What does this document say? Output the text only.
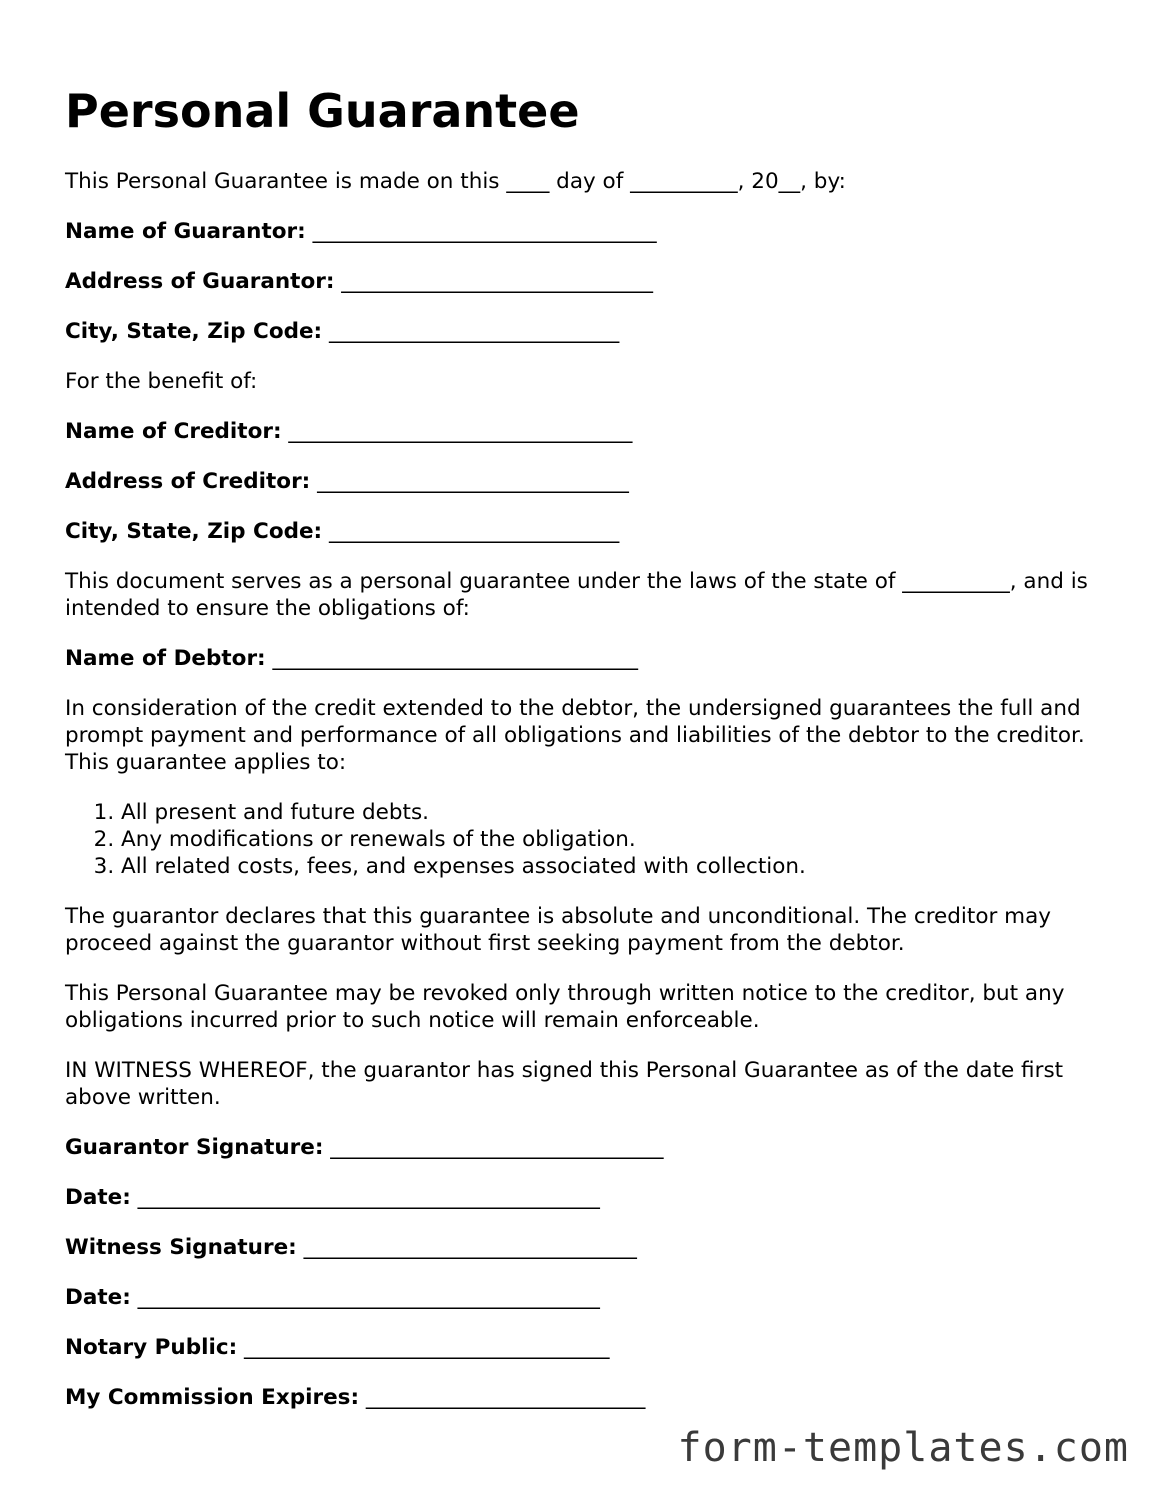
Personal Guarantee

This Personal Guarantee is made on this ____ day of __________, 20__, by:

Name of Guarantor: ________________________________

Address of Guarantor: _____________________________

City, State, Zip Code: ___________________________

For the benefit of:

Name of Creditor: ________________________________

Address of Creditor: _____________________________

City, State, Zip Code: ___________________________

This document serves as a personal guarantee under the laws of the state of __________, and is intended to ensure the obligations of:

Name of Debtor: __________________________________

In consideration of the credit extended to the debtor, the undersigned guarantees the full and prompt payment and performance of all obligations and liabilities of the debtor to the creditor. This guarantee applies to:

1. All present and future debts.
2. Any modifications or renewals of the obligation.
3. All related costs, fees, and expenses associated with collection.

The guarantor declares that this guarantee is absolute and unconditional. The creditor may proceed against the guarantor without first seeking payment from the debtor.

This Personal Guarantee may be revoked only through written notice to the creditor, but any obligations incurred prior to such notice will remain enforceable.

IN WITNESS WHEREOF, the guarantor has signed this Personal Guarantee as of the date first above written.

Guarantor Signature: _______________________________

Date: ___________________________________________

Witness Signature: _______________________________

Date: ___________________________________________

Notary Public: __________________________________

My Commission Expires: __________________________

form-templates.com
